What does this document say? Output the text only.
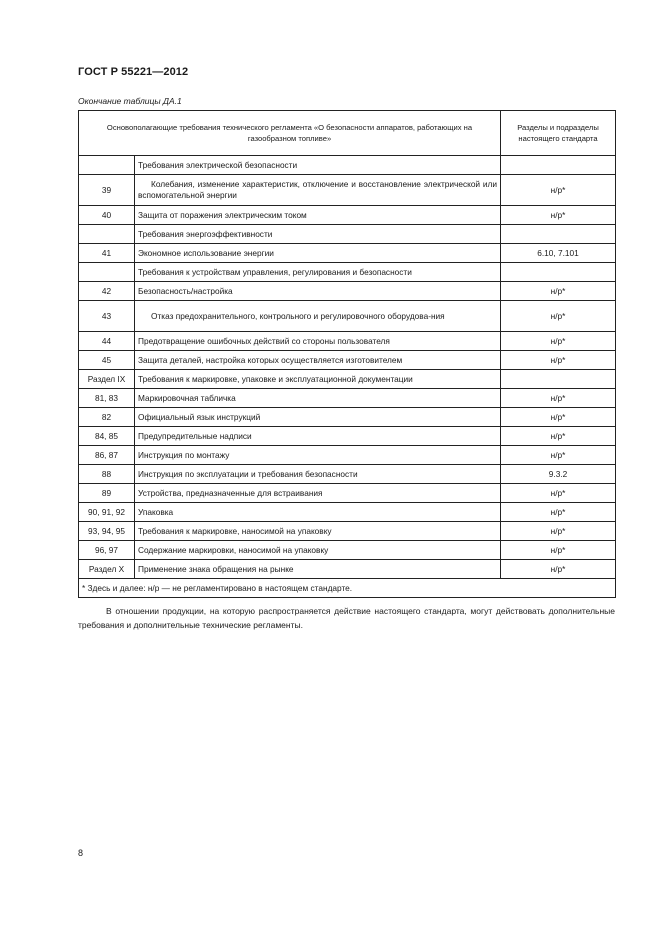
ГОСТ Р 55221—2012
Окончание таблицы ДА.1
Основополагающие требования технического регламента «О безопасности аппаратов, работающих на газообразном топливе»		Разделы и подразделы настоящего стандарта
	Требования электрической безопасности	
39	Колебания, изменение характеристик, отключение и восстановление электрической или вспомогательной энергии	н/р*
40	Защита от поражения электрическим током	н/р*
	Требования энергоэффективности	
41	Экономное использование энергии	6.10, 7.101
	Требования к устройствам управления, регулирования и безопасности	
42	Безопасность/настройка	н/р*
43	Отказ предохранительного, контрольного и регулировочного оборудова-ния	н/р*
44	Предотвращение ошибочных действий со стороны пользователя	н/р*
45	Защита деталей, настройка которых осуществляется изготовителем	н/р*
Раздел IX	Требования к маркировке, упаковке и эксплуатационной документации	
81, 83	Маркировочная табличка	н/р*
82	Официальный язык инструкций	н/р*
84, 85	Предупредительные надписи	н/р*
86, 87	Инструкция по монтажу	н/р*
88	Инструкция по эксплуатации и требования безопасности	9.3.2
89	Устройства, предназначенные для встраивания	н/р*
90, 91, 92	Упаковка	н/р*
93, 94, 95	Требования к маркировке, наносимой на упаковку	н/р*
96, 97	Содержание маркировки, наносимой на упаковку	н/р*
Раздел X	Применение знака обращения на рынке	н/р*
* Здесь и далее: н/р — не регламентировано в настоящем стандарте.		
В отношении продукции, на которую распространяется действие настоящего стандарта, могут действовать дополнительные требования и дополнительные технические регламенты.
8
